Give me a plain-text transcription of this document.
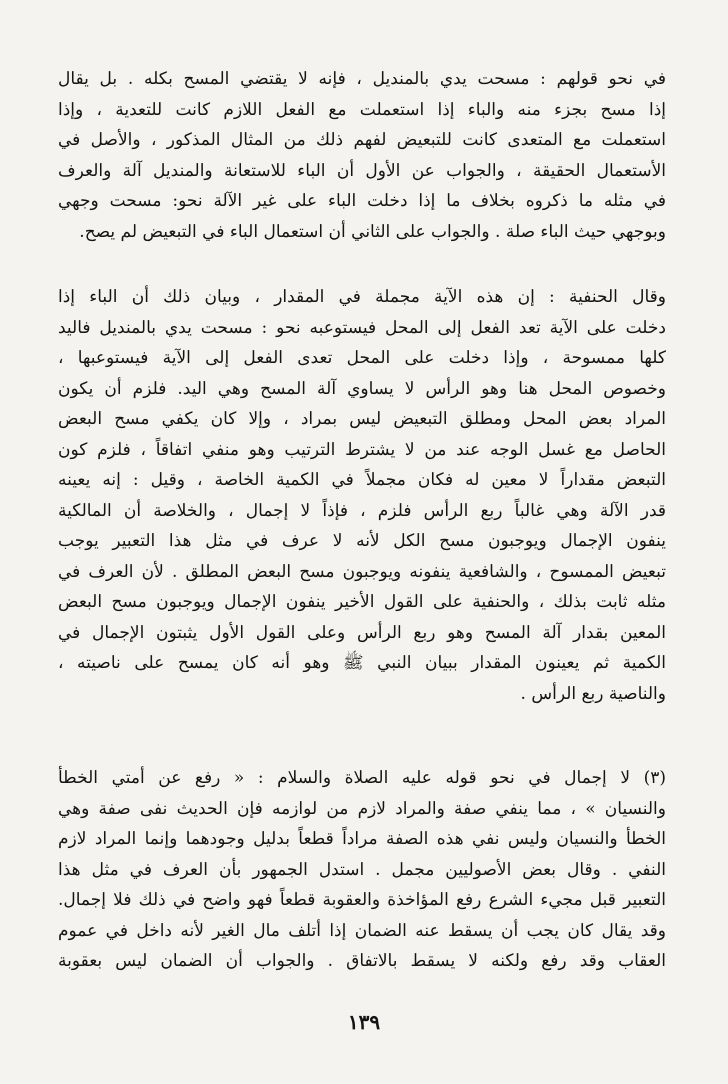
في نحو قولهم : مسحت يدي بالمنديل ، فإنه لا يقتضي المسح بكله . بل يقال
إذا مسح بجزء منه والباء إذا استعملت مع الفعل اللازم كانت للتعدية ، وإذا
استعملت مع المتعدى كانت للتبعيض لفهم ذلك من المثال المذكور ، والأصل في
الأستعمال الحقيقة ، والجواب عن الأول أن الباء للاستعانة والمنديل آلة والعرف
في مثله ما ذكروه بخلاف ما إذا دخلت الباء على غير الآلة نحو: مسحت وجهي
وبوجهي حيث الباء صلة . والجواب على الثاني أن استعمال الباء في التبعيض لم يصح.
وقال الحنفية : إن هذه الآية مجملة في المقدار ، وبيان ذلك أن الباء إذا
دخلت على الآية تعد الفعل إلى المحل فيستوعبه نحو : مسحت يدي بالمنديل فاليد
كلها ممسوحة ، وإذا دخلت على المحل تعدى الفعل إلى الآية فيستوعبها ،
وخصوص المحل هنا وهو الرأس لا يساوي آلة المسح وهي اليد. فلزم أن يكون
المراد بعض المحل ومطلق التبعيض ليس بمراد ، وإلا كان يكفي مسح البعض
الحاصل مع غسل الوجه عند من لا يشترط الترتيب وهو منفي اتفاقاً ، فلزم كون
التبعض مقداراً لا معين له فكان مجملاً في الكمية الخاصة ، وقيل : إنه يعينه
قدر الآلة وهي غالباً ربع الرأس فلزم ، فإذاً لا إجمال ، والخلاصة أن المالكية
ينفون الإجمال ويوجبون مسح الكل لأنه لا عرف في مثل هذا التعبير يوجب
تبعيض الممسوح ، والشافعية ينفونه ويوجبون مسح البعض المطلق . لأن العرف في
مثله ثابت بذلك ، والحنفية على القول الأخير ينفون الإجمال ويوجبون مسح البعض
المعين بقدار آلة المسح وهو ربع الرأس وعلى القول الأول يثبتون الإجمال في
الكمية ثم يعينون المقدار ببيان النبي ﷺ وهو أنه كان يمسح على ناصيته ،
والناصية ربع الرأس .
(٣) لا إجمال في نحو قوله عليه الصلاة والسلام : « رفع عن أمتي الخطأ
والنسيان » ، مما ينفي صفة والمراد لازم من لوازمه فإن الحديث نفى صفة وهي
الخطأ والنسيان وليس نفي هذه الصفة مراداً قطعاً بدليل وجودهما وإنما المراد لازم
النفي . وقال بعض الأصوليين مجمل . استدل الجمهور بأن العرف في مثل هذا
التعبير قبل مجيء الشرع رفع المؤاخذة والعقوبة قطعاً فهو واضح في ذلك فلا إجمال.
وقد يقال كان يجب أن يسقط عنه الضمان إذا أتلف مال الغير لأنه داخل في عموم
العقاب وقد رفع ولكنه لا يسقط بالاتفاق . والجواب أن الضمان ليس بعقوبة
١٣٩
